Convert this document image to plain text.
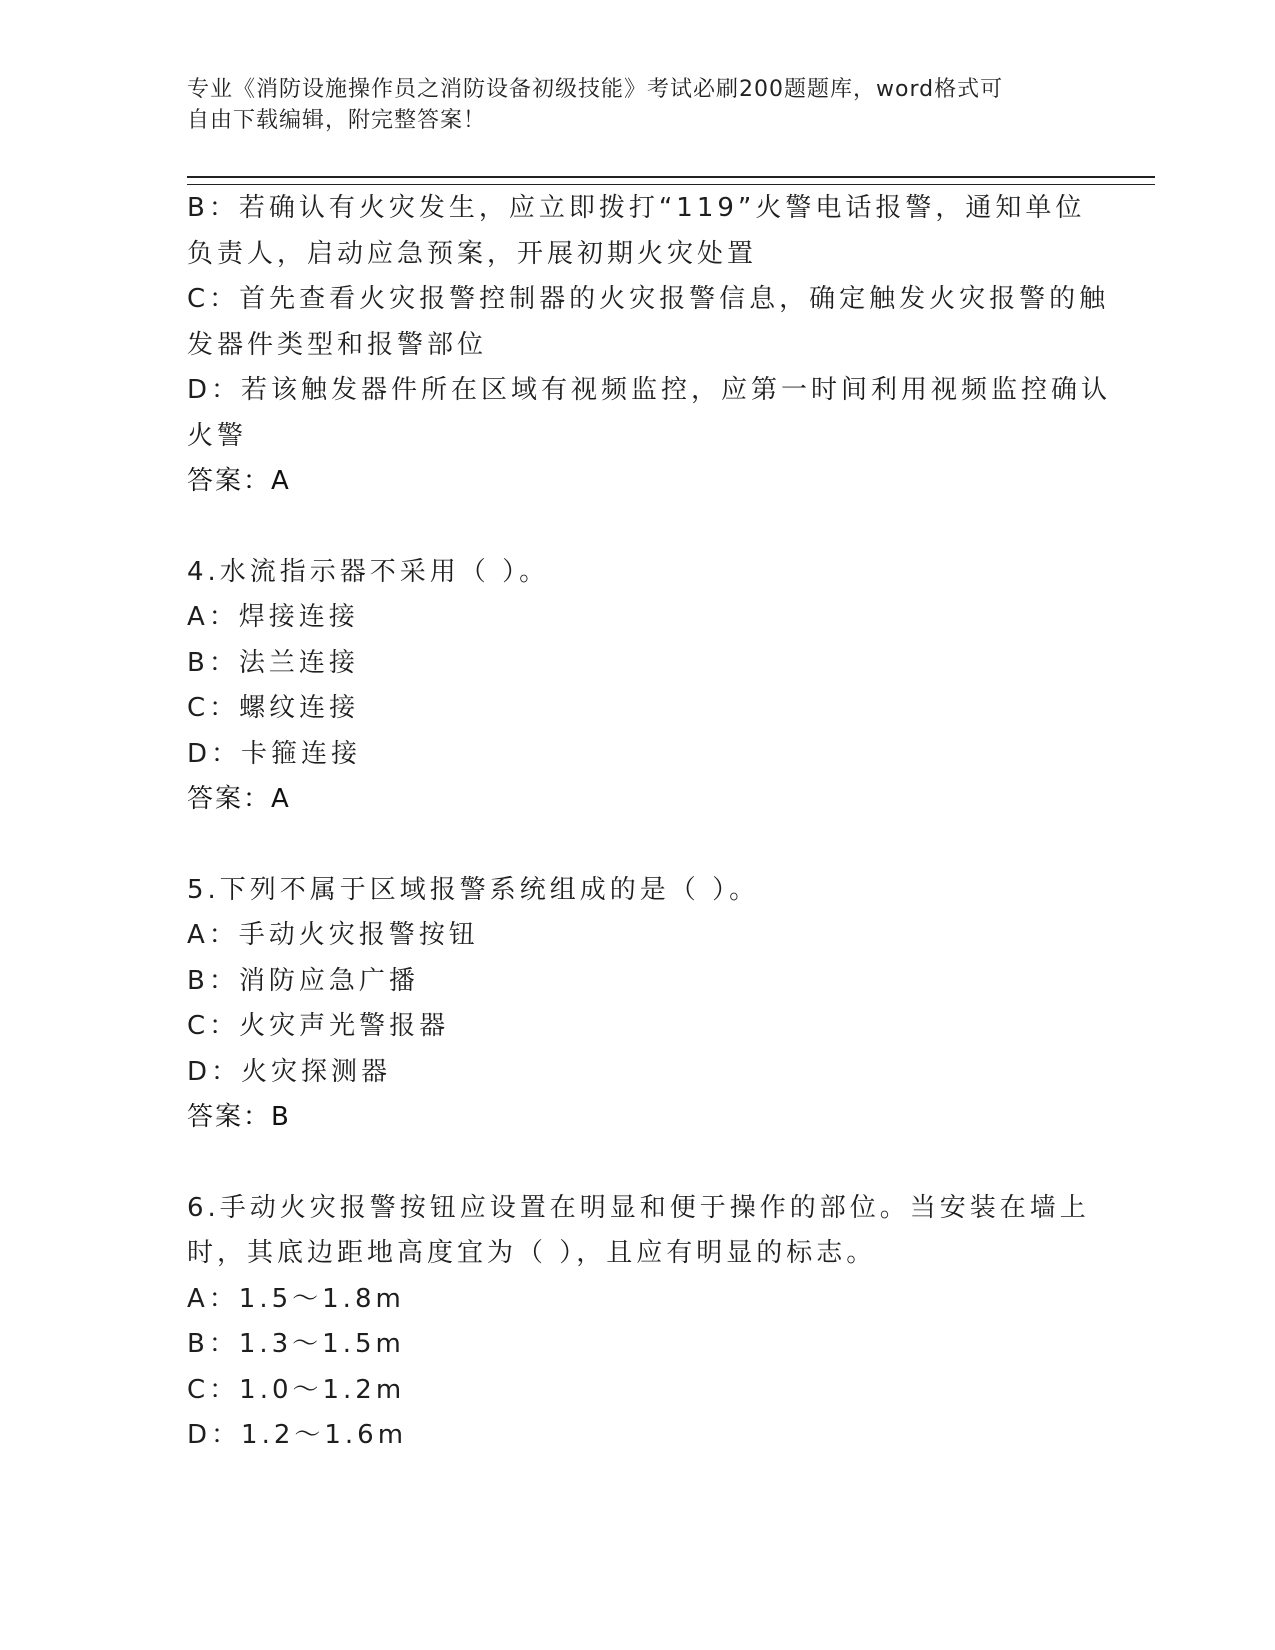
专业《消防设施操作员之消防设备初级技能》考试必刷200题题库，word格式可
自由下载编辑，附完整答案！
B：若确认有火灾发生，应立即拨打“119”火警电话报警，通知单位
负责人，启动应急预案，开展初期火灾处置
C：首先查看火灾报警控制器的火灾报警信息，确定触发火灾报警的触
发器件类型和报警部位
D：若该触发器件所在区域有视频监控，应第一时间利用视频监控确认
火警
答案：A
4.水流指示器不采用（ ）。
A：焊接连接
B：法兰连接
C：螺纹连接
D：卡箍连接
答案：A
5.下列不属于区域报警系统组成的是（ ）。
A：手动火灾报警按钮
B：消防应急广播
C：火灾声光警报器
D：火灾探测器
答案：B
6.手动火灾报警按钮应设置在明显和便于操作的部位。当安装在墙上
时，其底边距地高度宜为（ ），且应有明显的标志。
A：1.5～1.8m
B：1.3～1.5m
C：1.0～1.2m
D：1.2～1.6m
